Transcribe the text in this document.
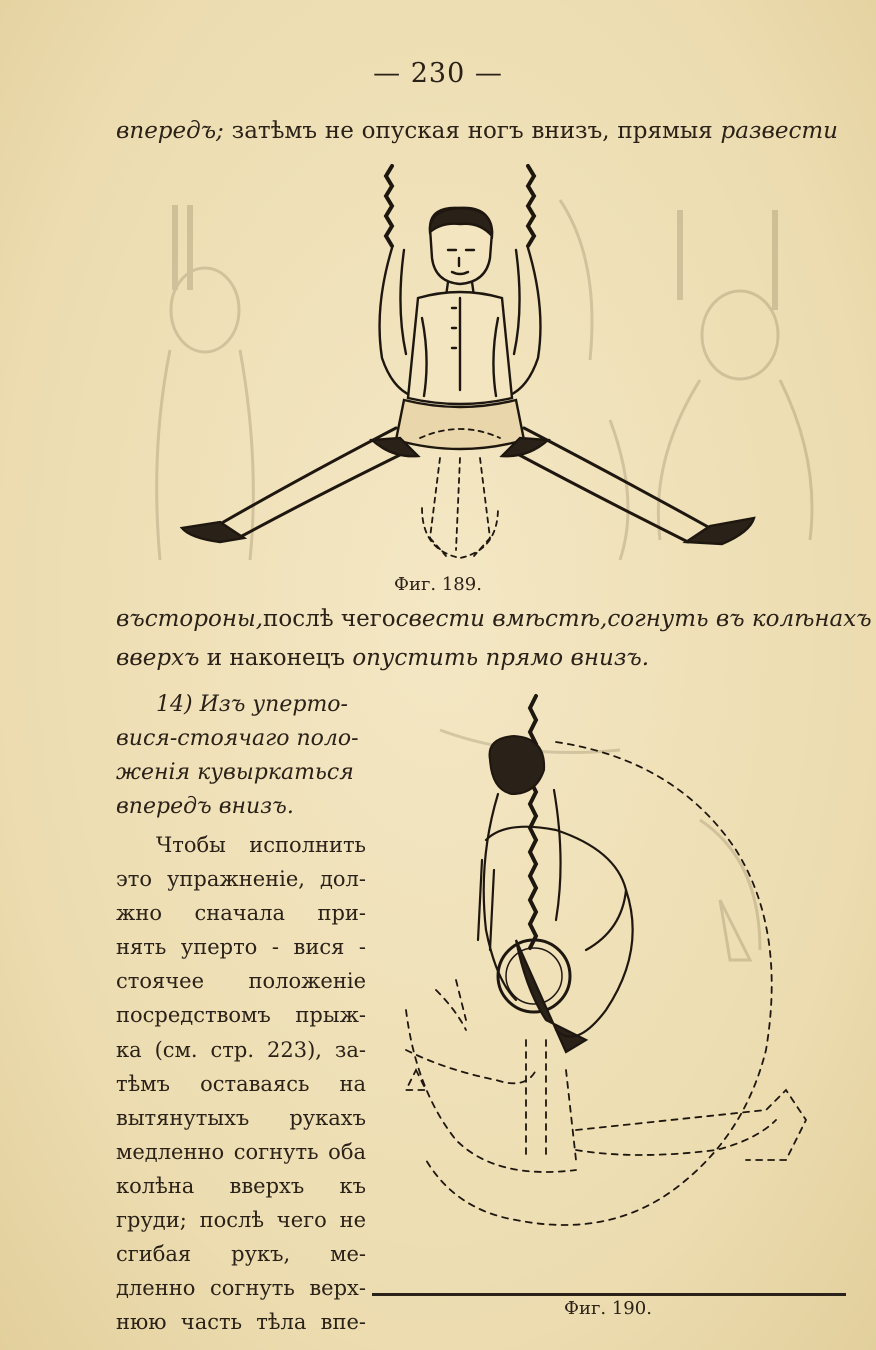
— 230 —
впередъ; затѣмъ не опуская ногъ внизъ, прямыя развести
Фиг. 189.
въ стороны, послѣ чего свести вмѣстѣ, согнуть въ колѣнахъ
вверхъ и наконецъ опустить прямо внизъ.
14) Изъ уперто-
вися-стоячаго поло-
женія кувыркаться
впередъ внизъ.
Чтобы исполнить
это упражненіе, дол-
жно сначала при-
нять уперто - вися -
стоячее положеніе
посредствомъ прыж-
ка (см. стр. 223), за-
тѣмъ оставаясь на
вытянутыхъ рукахъ
медленно согнуть оба
колѣна вверхъ къ
груди; послѣ чего не
сгибая рукъ, ме-
дленно согнуть верх-
нюю часть тѣла впе-
Фиг. 190.
